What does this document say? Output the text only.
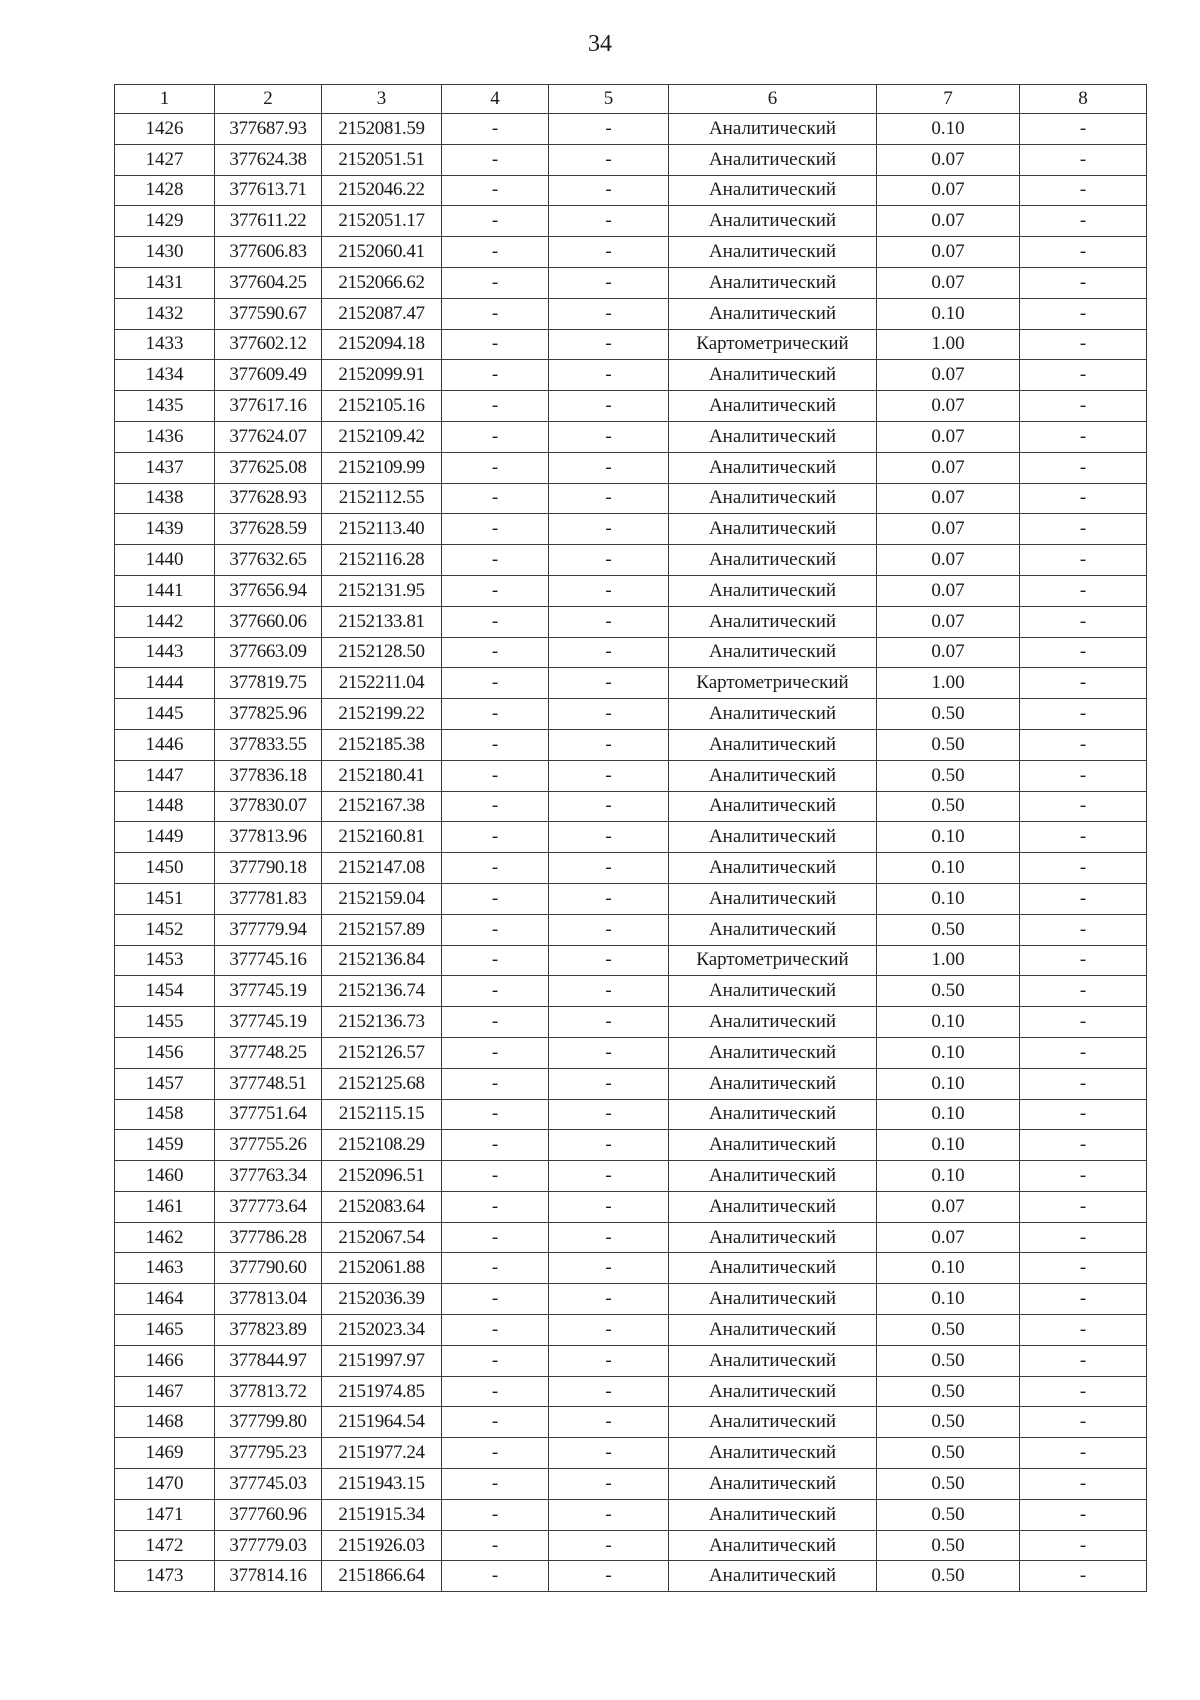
34
1	2	3	4	5	6	7	8
1426	377687.93	2152081.59	-	-	Аналитический	0.10	-
1427	377624.38	2152051.51	-	-	Аналитический	0.07	-
1428	377613.71	2152046.22	-	-	Аналитический	0.07	-
1429	377611.22	2152051.17	-	-	Аналитический	0.07	-
1430	377606.83	2152060.41	-	-	Аналитический	0.07	-
1431	377604.25	2152066.62	-	-	Аналитический	0.07	-
1432	377590.67	2152087.47	-	-	Аналитический	0.10	-
1433	377602.12	2152094.18	-	-	Картометрический	1.00	-
1434	377609.49	2152099.91	-	-	Аналитический	0.07	-
1435	377617.16	2152105.16	-	-	Аналитический	0.07	-
1436	377624.07	2152109.42	-	-	Аналитический	0.07	-
1437	377625.08	2152109.99	-	-	Аналитический	0.07	-
1438	377628.93	2152112.55	-	-	Аналитический	0.07	-
1439	377628.59	2152113.40	-	-	Аналитический	0.07	-
1440	377632.65	2152116.28	-	-	Аналитический	0.07	-
1441	377656.94	2152131.95	-	-	Аналитический	0.07	-
1442	377660.06	2152133.81	-	-	Аналитический	0.07	-
1443	377663.09	2152128.50	-	-	Аналитический	0.07	-
1444	377819.75	2152211.04	-	-	Картометрический	1.00	-
1445	377825.96	2152199.22	-	-	Аналитический	0.50	-
1446	377833.55	2152185.38	-	-	Аналитический	0.50	-
1447	377836.18	2152180.41	-	-	Аналитический	0.50	-
1448	377830.07	2152167.38	-	-	Аналитический	0.50	-
1449	377813.96	2152160.81	-	-	Аналитический	0.10	-
1450	377790.18	2152147.08	-	-	Аналитический	0.10	-
1451	377781.83	2152159.04	-	-	Аналитический	0.10	-
1452	377779.94	2152157.89	-	-	Аналитический	0.50	-
1453	377745.16	2152136.84	-	-	Картометрический	1.00	-
1454	377745.19	2152136.74	-	-	Аналитический	0.50	-
1455	377745.19	2152136.73	-	-	Аналитический	0.10	-
1456	377748.25	2152126.57	-	-	Аналитический	0.10	-
1457	377748.51	2152125.68	-	-	Аналитический	0.10	-
1458	377751.64	2152115.15	-	-	Аналитический	0.10	-
1459	377755.26	2152108.29	-	-	Аналитический	0.10	-
1460	377763.34	2152096.51	-	-	Аналитический	0.10	-
1461	377773.64	2152083.64	-	-	Аналитический	0.07	-
1462	377786.28	2152067.54	-	-	Аналитический	0.07	-
1463	377790.60	2152061.88	-	-	Аналитический	0.10	-
1464	377813.04	2152036.39	-	-	Аналитический	0.10	-
1465	377823.89	2152023.34	-	-	Аналитический	0.50	-
1466	377844.97	2151997.97	-	-	Аналитический	0.50	-
1467	377813.72	2151974.85	-	-	Аналитический	0.50	-
1468	377799.80	2151964.54	-	-	Аналитический	0.50	-
1469	377795.23	2151977.24	-	-	Аналитический	0.50	-
1470	377745.03	2151943.15	-	-	Аналитический	0.50	-
1471	377760.96	2151915.34	-	-	Аналитический	0.50	-
1472	377779.03	2151926.03	-	-	Аналитический	0.50	-
1473	377814.16	2151866.64	-	-	Аналитический	0.50	-
